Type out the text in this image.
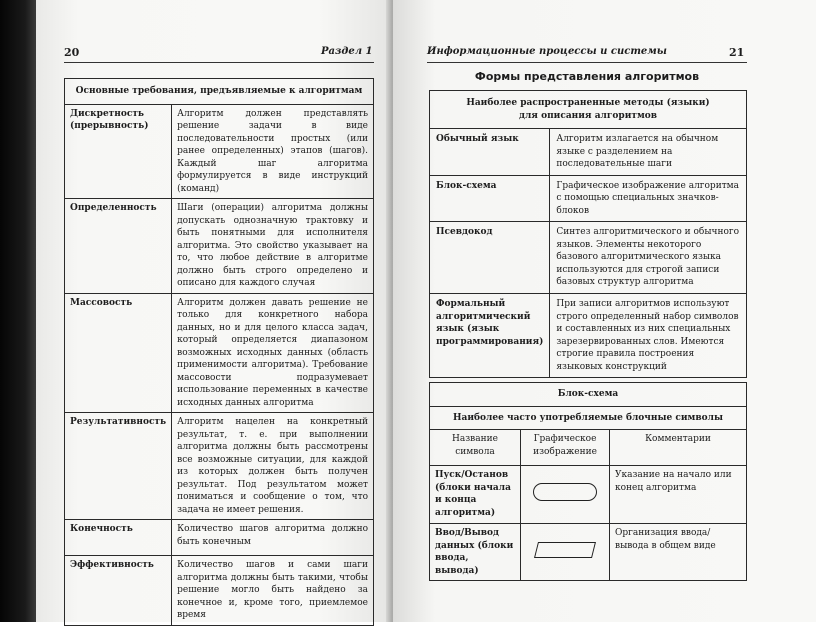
20	Раздел 1
Основные требования, предъявляемые к алгоритмам	
Дискретность (прерывность)	Алгоритм должен представлять решение задачи в виде последовательности простых (или ранее определенных) этапов (шагов). Каждый шаг алгоритма формулируется в виде инструкций (команд)
Определенность	Шаги (операции) алгоритма должны допускать однозначную трактовку и быть понятными для исполнителя алгоритма. Это свойство указывает на то, что любое действие в алгоритме должно быть строго определено и описано для каждого случая
Массовость	Алгоритм должен давать решение не только для конкретного набора данных, но и для целого класса задач, который определяется диапазоном возможных исходных данных (область применимости алгоритма). Требование массовости подразумевает использование переменных в качестве исходных данных алгоритма
Результативность	Алгоритм нацелен на конкретный результат, т. е. при выполнении алгоритма должны быть рассмотрены все возможные ситуации, для каждой из которых должен быть получен результат. Под результатом может пониматься и сообщение о том, что задача не имеет решения.
Конечность	Количество шагов алгоритма должно быть конечным
Эффективность	Количество шагов и сами шаги алгоритма должны быть такими, чтобы решение могло быть найдено за конечное и, кроме того, приемлемое время
Информационные процессы и системы	21
Формы представления алгоритмов
Наиболее распространенные методы (языки) для описания алгоритмов	
Обычный язык	Алгоритм излагается на обычном языке с разделением на последовательные шаги
Блок-схема	Графическое изображение алгоритма с помощью специальных значков-блоков
Псевдокод	Синтез алгоритмического и обычного языков. Элементы некоторого базового алгоритмического языка используются для строгой записи базовых структур алгоритма
Формальный алгоритмический язык (язык программирования)	При записи алгоритмов используют строго определенный набор символов и составленных из них специальных зарезервированных слов. Имеются строгие правила построения языковых конструкций
Блок-схема		
Наиболее часто употребляемые блочные символы		
Название символа	Графическое изображение	Комментарии
Пуск/Останов (блоки начала и конца алгоритма)		Указание на начало или конец алгоритма
Ввод/Вывод данных (блоки ввода, вывода)		Организация ввода/вывода в общем виде
